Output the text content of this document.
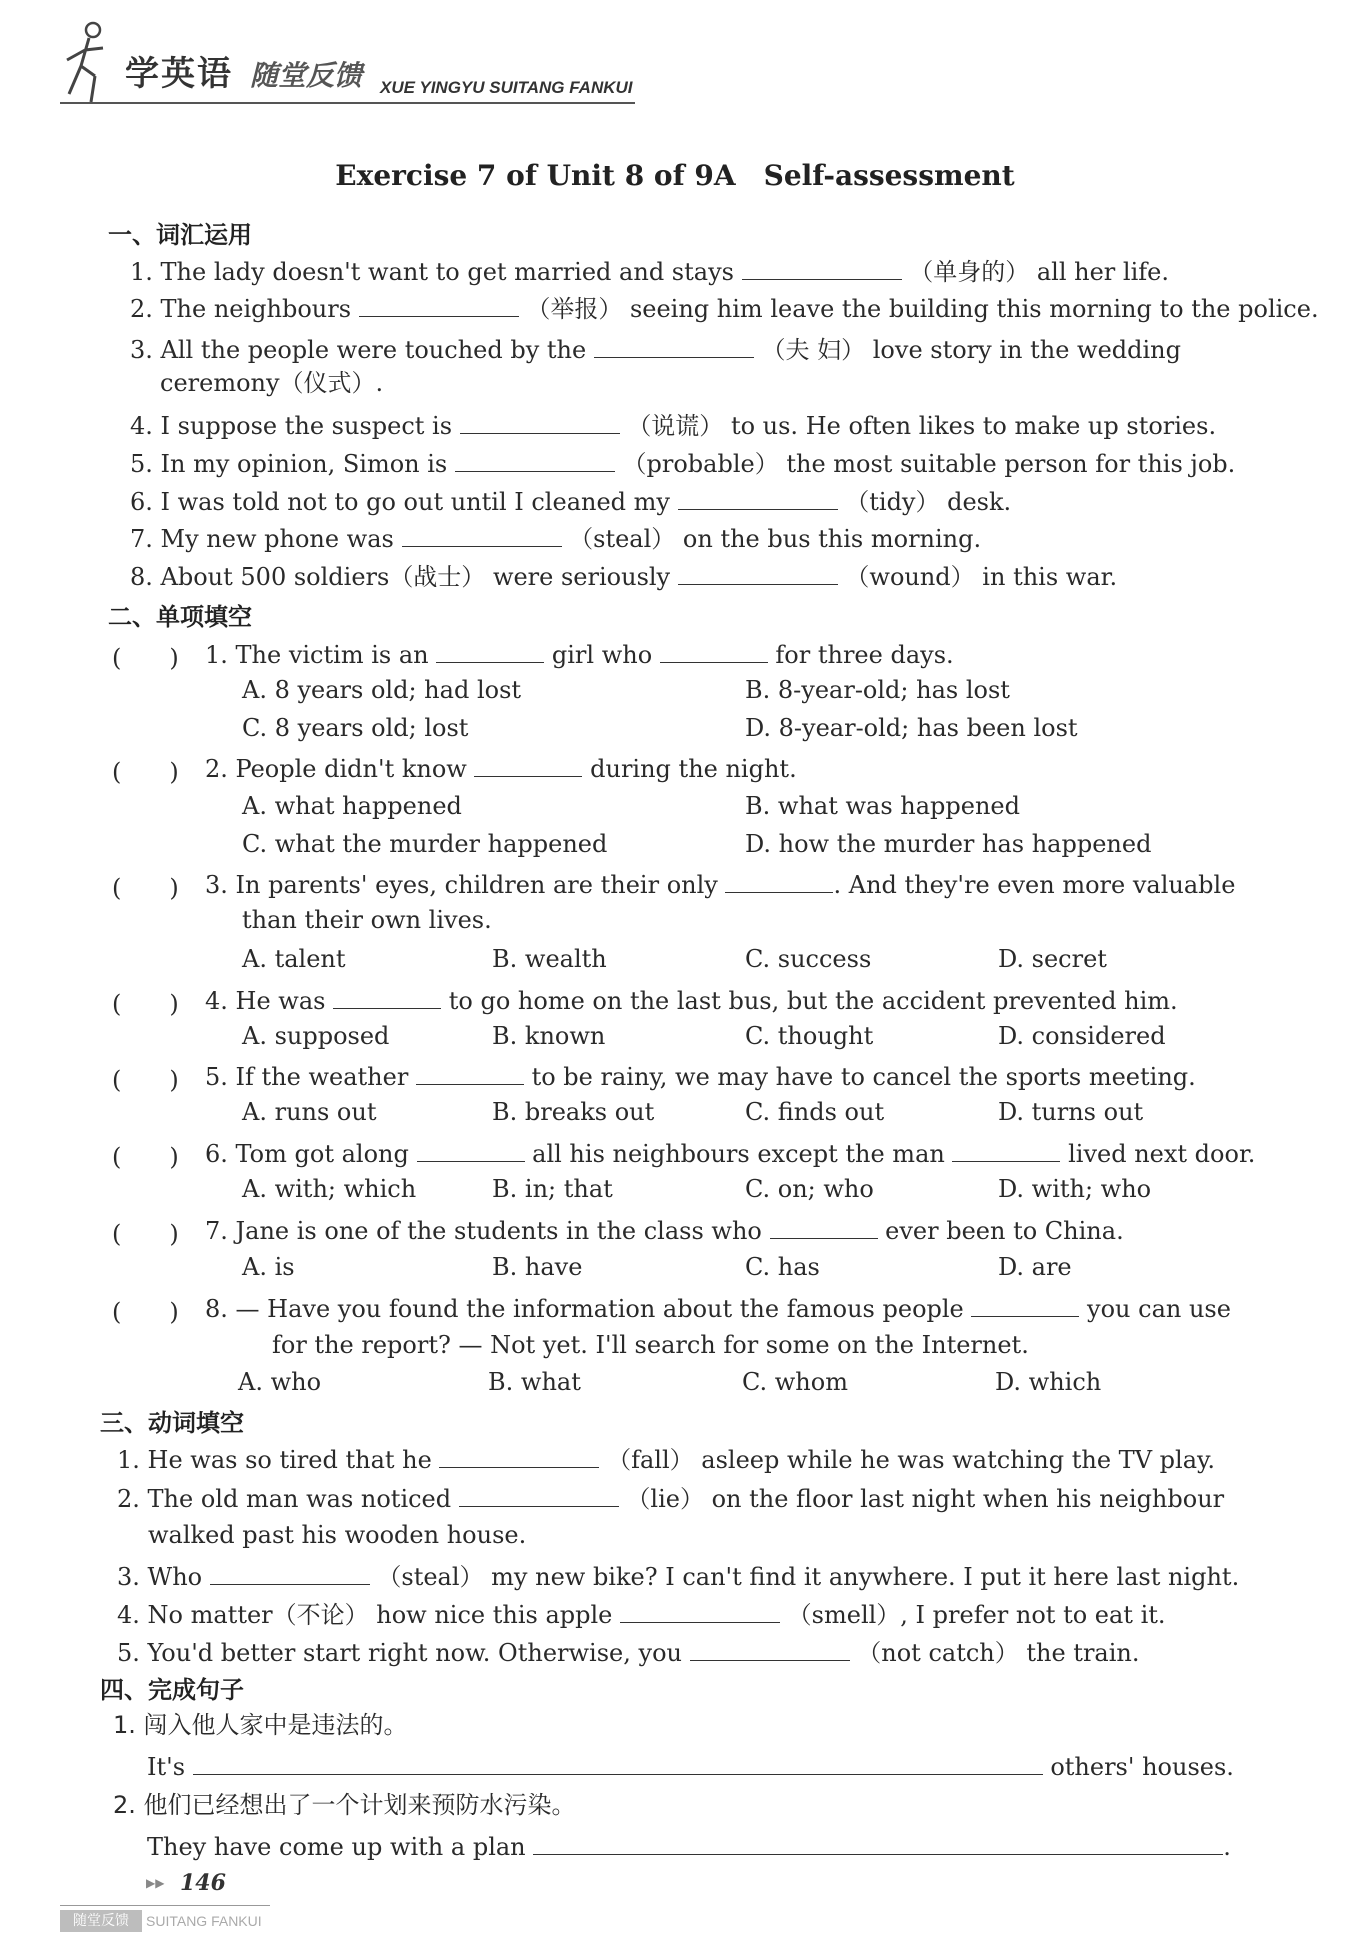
学英语 随堂反馈 XUE YINGYU SUITANG FANKUI
Exercise 7 of Unit 8 of 9A　Self-assessment
一、词汇运用
1. The lady doesn't want to get married and stays	（单身的） all her life.
2. The neighbours	（举报） seeing him leave the building this morning to the police.
3. All the people were touched by the	（夫 妇） love story in the wedding
ceremony（仪式）.
4. I suppose the suspect is	（说谎） to us. He often likes to make up stories.
5. In my opinion, Simon is	（probable） the most suitable person for this job.
6. I was told not to go out until I cleaned my	（tidy） desk.
7. My new phone was	（steal） on the bus this morning.
8. About 500 soldiers（战士） were seriously	（wound） in this war.
二、单项填空
(　　) 1. The victim is an	girl who	for three days.
A. 8 years old; had lost	B. 8-year-old; has lost
C. 8 years old; lost	D. 8-year-old; has been lost
(　　) 2. People didn't know	during the night.
A. what happened	B. what was happened
C. what the murder happened	D. how the murder has happened
(　　) 3. In parents' eyes, children are their only	. And they're even more valuable
than their own lives.
A. talent	B. wealth	C. success	D. secret
(　　) 4. He was	to go home on the last bus, but the accident prevented him.
A. supposed	B. known	C. thought	D. considered
(　　) 5. If the weather	to be rainy, we may have to cancel the sports meeting.
A. runs out	B. breaks out	C. finds out	D. turns out
(　　) 6. Tom got along	all his neighbours except the man	lived next door.
A. with; which	B. in; that	C. on; who	D. with; who
(　　) 7. Jane is one of the students in the class who	ever been to China.
A. is	B. have	C. has	D. are
(　　) 8. — Have you found the information about the famous people	you can use
for the report? — Not yet. I'll search for some on the Internet.
A. who	B. what	C. whom	D. which
三、动词填空
1. He was so tired that he	（fall） asleep while he was watching the TV play.
2. The old man was noticed	（lie） on the floor last night when his neighbour
walked past his wooden house.
3. Who	（steal） my new bike? I can't find it anywhere. I put it here last night.
4. No matter（不论） how nice this apple	（smell）, I prefer not to eat it.
5. You'd better start right now. Otherwise, you	（not catch） the train.
四、完成句子
1. 闯入他人家中是违法的。
It's	others' houses.
2. 他们已经想出了一个计划来预防水污染。
They have come up with a plan	.
▶▶ 146
随堂反馈	SUITANG FANKUI
